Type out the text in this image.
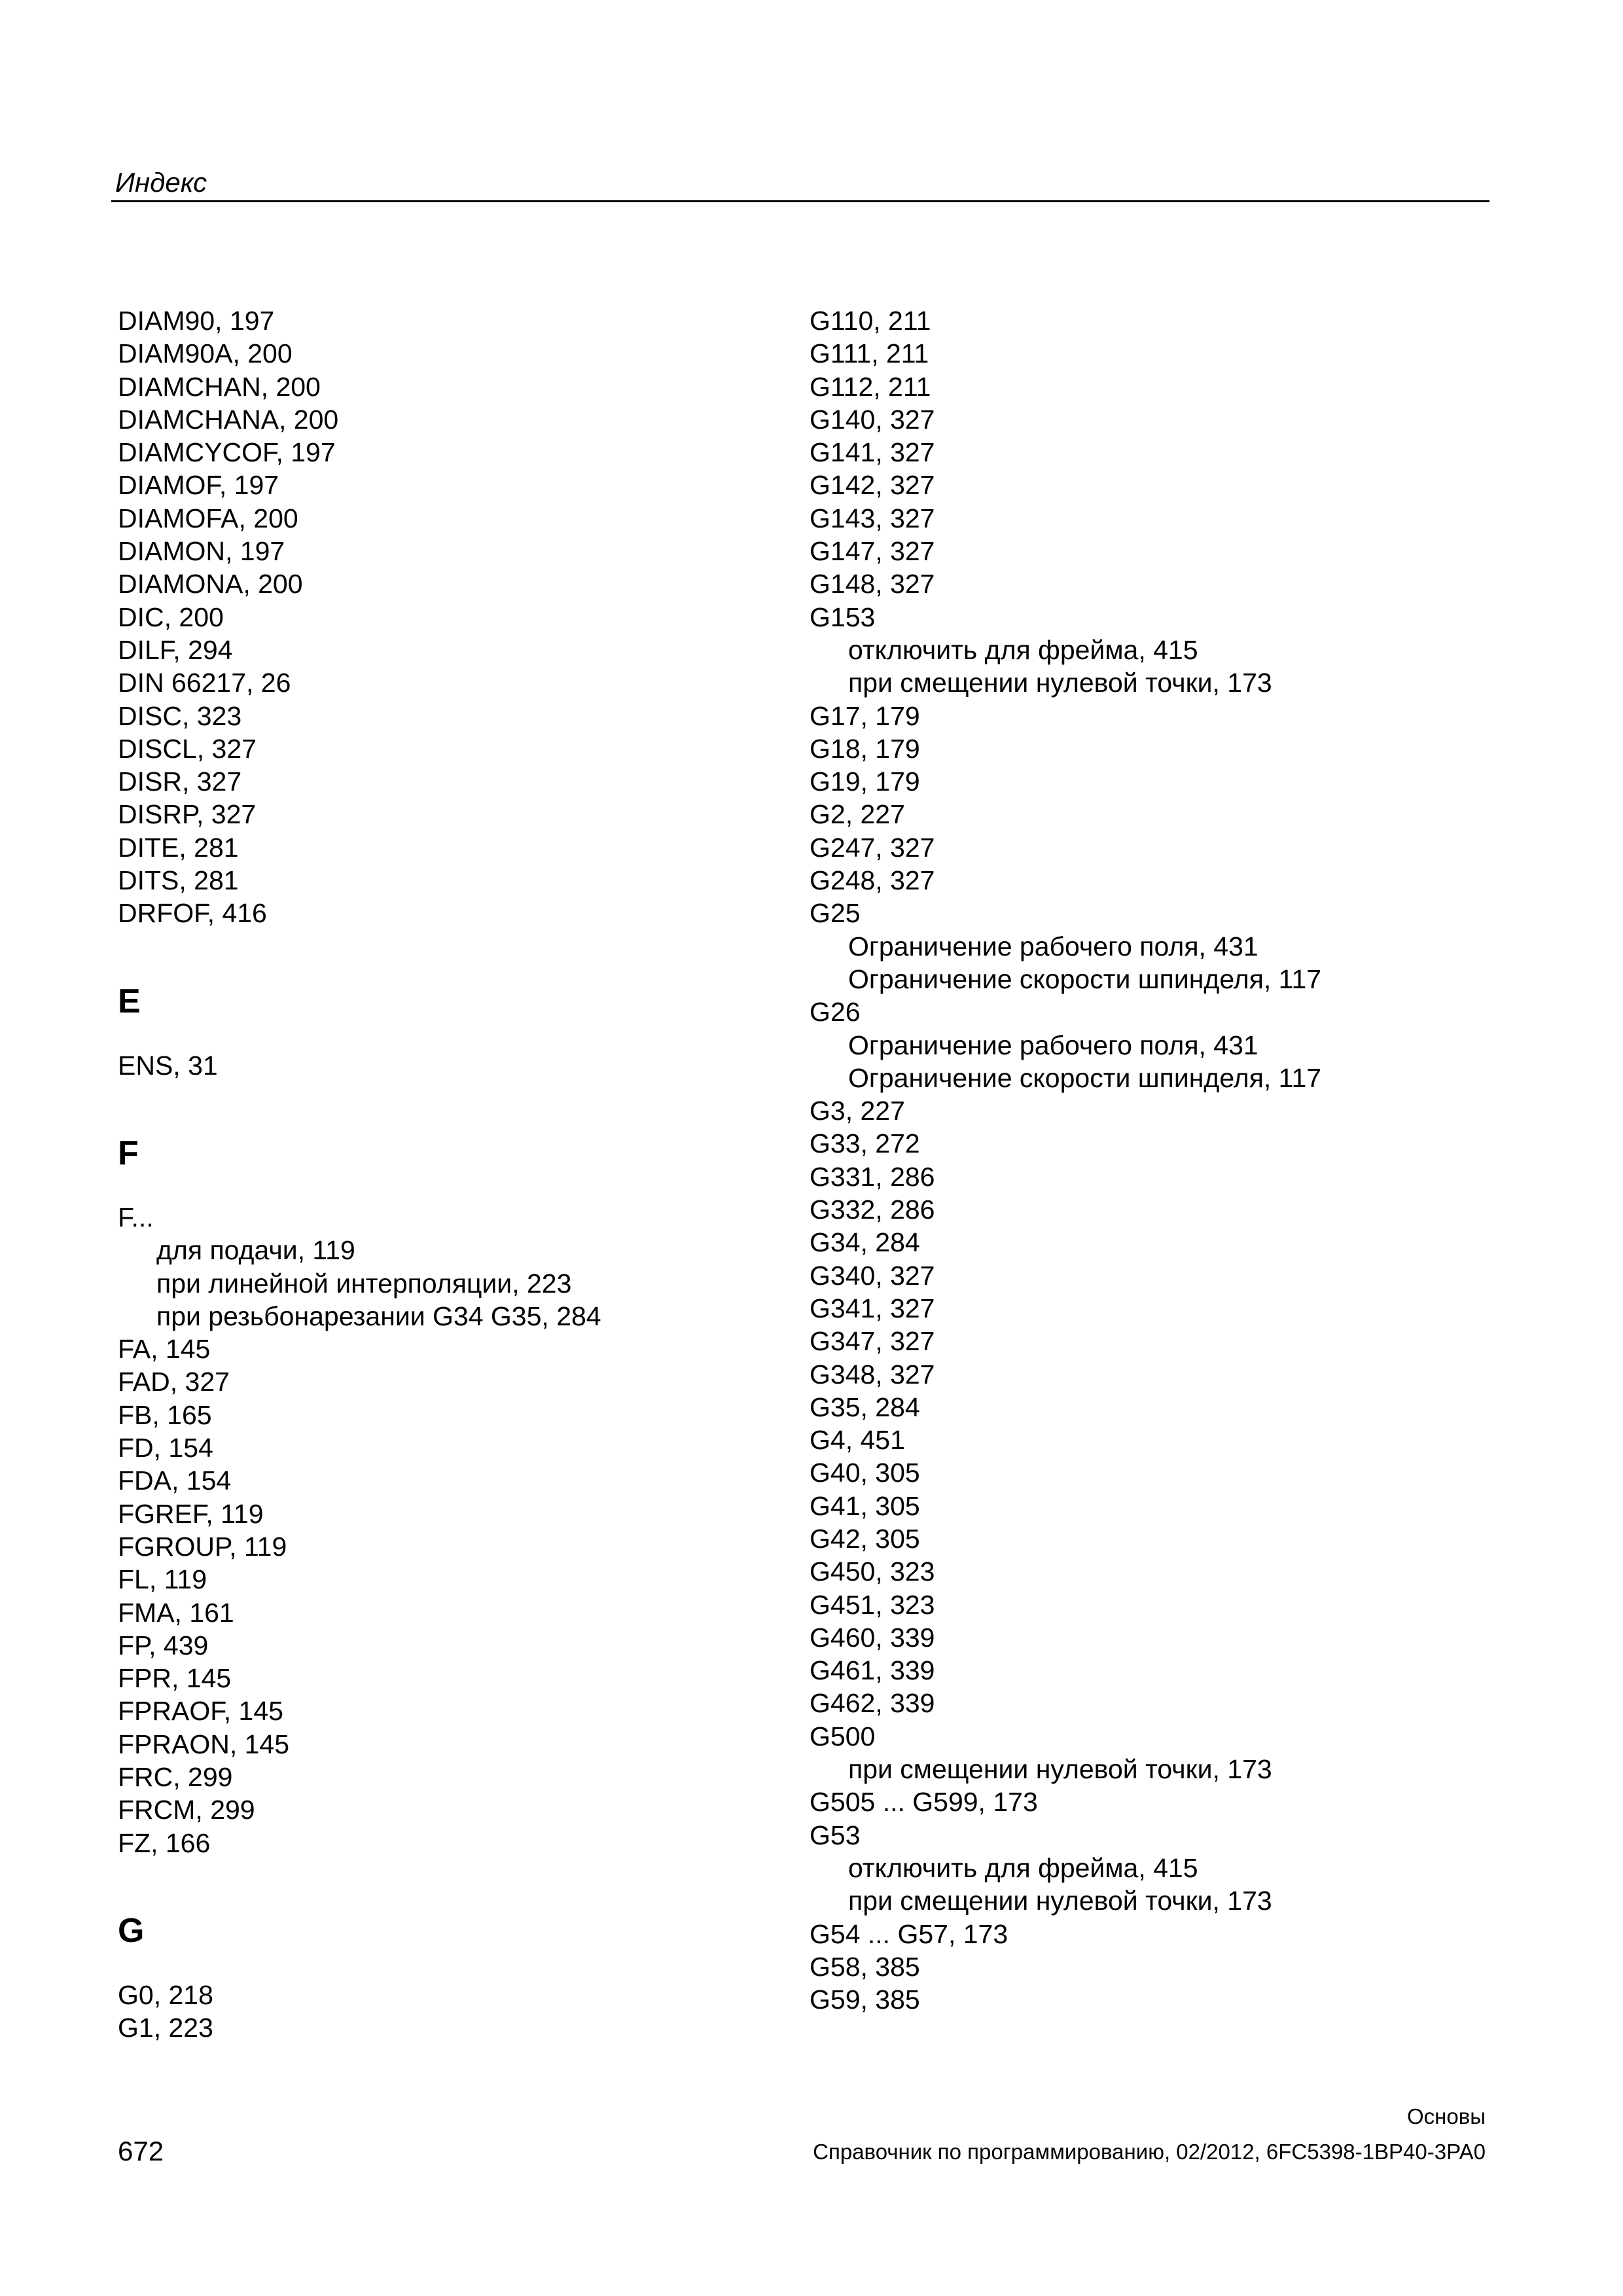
Индекс
DIAM90, 197
DIAM90A, 200
DIAMCHAN, 200
DIAMCHANA, 200
DIAMCYCOF, 197
DIAMOF, 197
DIAMOFA, 200
DIAMON, 197
DIAMONA, 200
DIC, 200
DILF, 294
DIN 66217, 26
DISC, 323
DISCL, 327
DISR, 327
DISRP, 327
DITE, 281
DITS, 281
DRFOF, 416
E
ENS, 31
F
F...
для подачи, 119
при линейной интерполяции, 223
при резьбонарезании G34 G35, 284
FA, 145
FAD, 327
FB, 165
FD, 154
FDA, 154
FGREF, 119
FGROUP, 119
FL, 119
FMA, 161
FP, 439
FPR, 145
FPRAOF, 145
FPRAON, 145
FRC, 299
FRCM, 299
FZ, 166
G
G0, 218
G1, 223
G110, 211
G111, 211
G112, 211
G140, 327
G141, 327
G142, 327
G143, 327
G147, 327
G148, 327
G153
отключить для фрейма, 415
при смещении нулевой точки, 173
G17, 179
G18, 179
G19, 179
G2, 227
G247, 327
G248, 327
G25
Ограничение рабочего поля, 431
Ограничение скорости шпинделя, 117
G26
Ограничение рабочего поля, 431
Ограничение скорости шпинделя, 117
G3, 227
G33, 272
G331, 286
G332, 286
G34, 284
G340, 327
G341, 327
G347, 327
G348, 327
G35, 284
G4, 451
G40, 305
G41, 305
G42, 305
G450, 323
G451, 323
G460, 339
G461, 339
G462, 339
G500
при смещении нулевой точки, 173
G505 ... G599, 173
G53
отключить для фрейма, 415
при смещении нулевой точки, 173
G54 ... G57, 173
G58, 385
G59, 385
672
Основы
Справочник по программированию, 02/2012, 6FC5398-1BP40-3PA0
